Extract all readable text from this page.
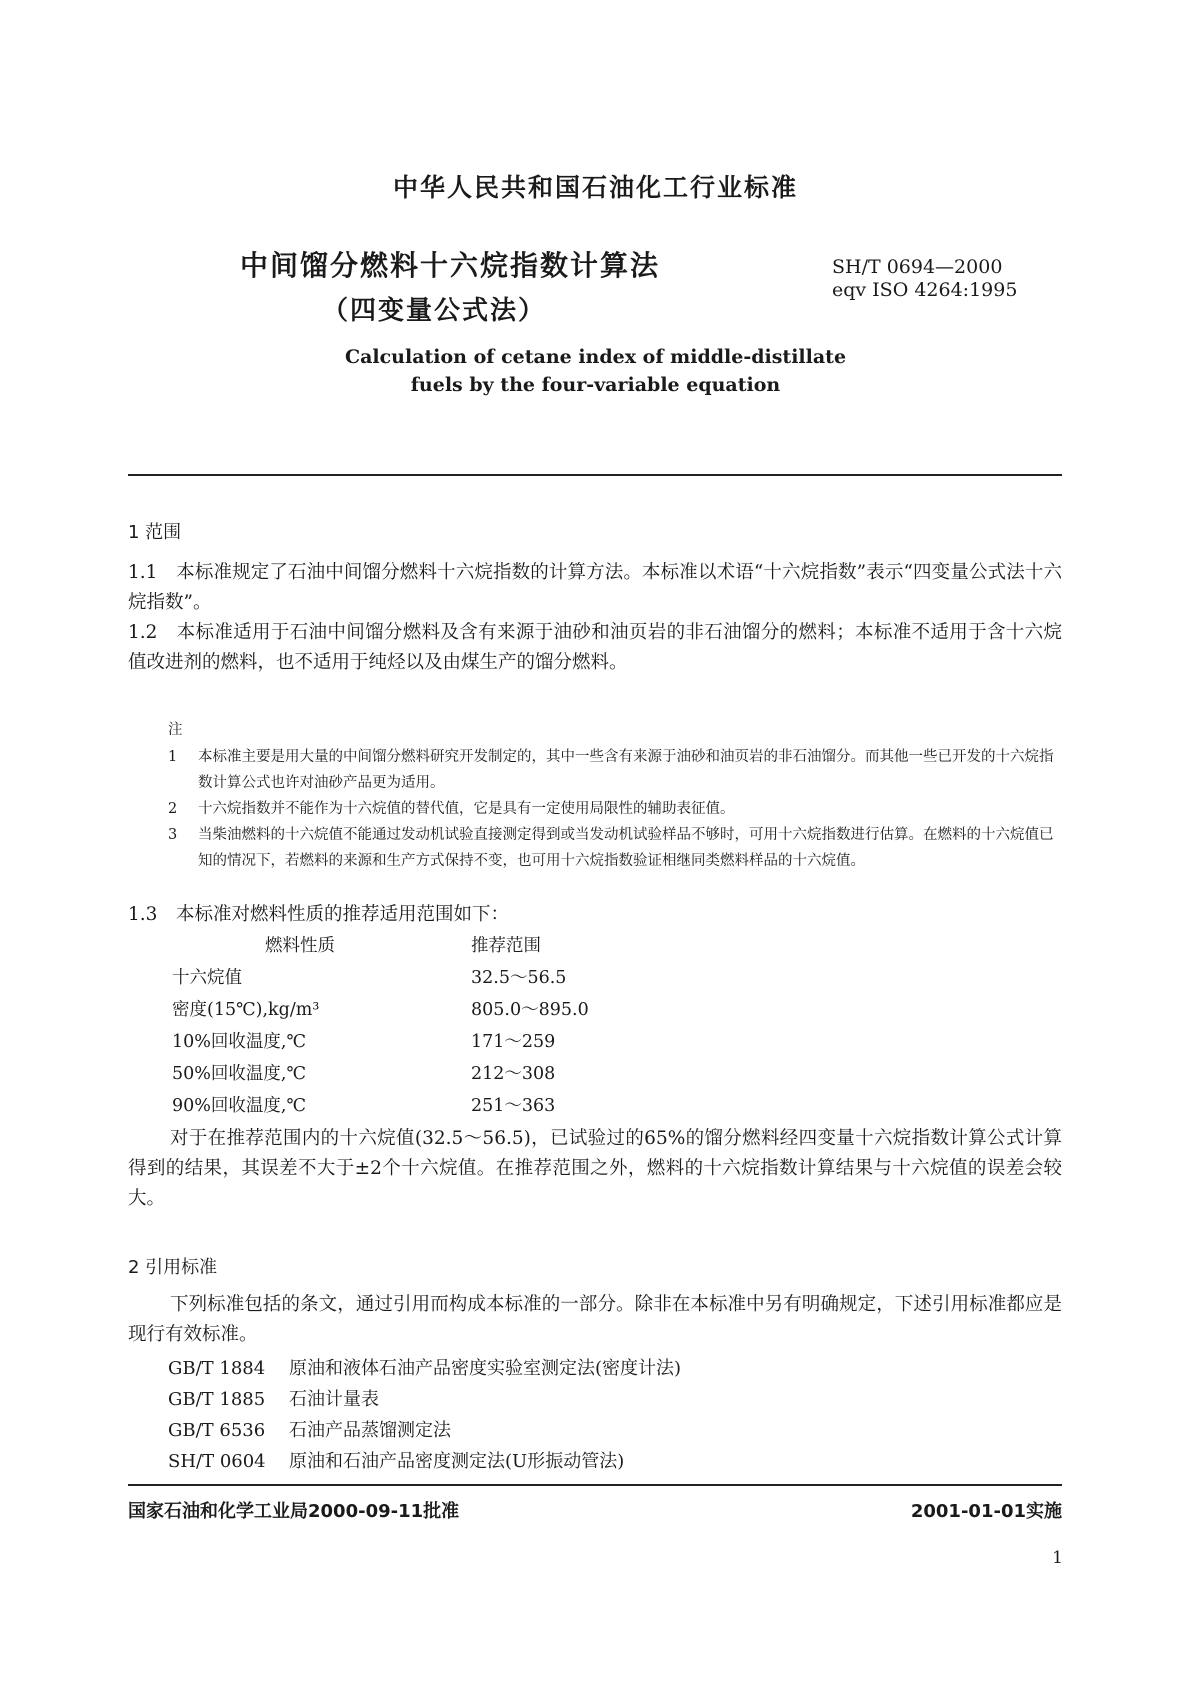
中华人民共和国石油化工行业标准
中间馏分燃料十六烷指数计算法
（四变量公式法）
SH/T 0694—2000
eqv ISO 4264:1995
Calculation of cetane index of middle-distillate
fuels by the four-variable equation
1 范围
1.1　 本标准规定了石油中间馏分燃料十六烷指数的计算方法。本标准以术语“十六烷指数”表示“四变量公式法十六烷指数”。
1.2　 本标准适用于石油中间馏分燃料及含有来源于油砂和油页岩的非石油馏分的燃料；本标准不适用于含十六烷值改进剂的燃料，也不适用于纯烃以及由煤生产的馏分燃料。
注
1	本标准主要是用大量的中间馏分燃料研究开发制定的，其中一些含有来源于油砂和油页岩的非石油馏分。而其他一些已开发的十六烷指数计算公式也许对油砂产品更为适用。
2	十六烷指数并不能作为十六烷值的替代值，它是具有一定使用局限性的辅助表征值。
3	当柴油燃料的十六烷值不能通过发动机试验直接测定得到或当发动机试验样品不够时，可用十六烷指数进行估算。在燃料的十六烷值已知的情况下，若燃料的来源和生产方式保持不变，也可用十六烷指数验证相继同类燃料样品的十六烷值。
1.3　 本标准对燃料性质的推荐适用范围如下：
燃料性质	推荐范围
十六烷值	32.5～56.5
密度(15℃),kg/m³	805.0～895.0
10%回收温度,℃	171～259
50%回收温度,℃	212～308
90%回收温度,℃	251～363
对于在推荐范围内的十六烷值(32.5～56.5)，已试验过的65%的馏分燃料经四变量十六烷指数计算公式计算得到的结果，其误差不大于±2个十六烷值。在推荐范围之外，燃料的十六烷指数计算结果与十六烷值的误差会较大。
2 引用标准
下列标准包括的条文，通过引用而构成本标准的一部分。除非在本标准中另有明确规定，下述引用标准都应是现行有效标准。
GB/T 1884 原油和液体石油产品密度实验室测定法(密度计法)
GB/T 1885 石油计量表
GB/T 6536 石油产品蒸馏测定法
SH/T 0604 原油和石油产品密度测定法(U形振动管法)
国家石油和化学工业局2000-09-11批准	2001-01-01实施
1
